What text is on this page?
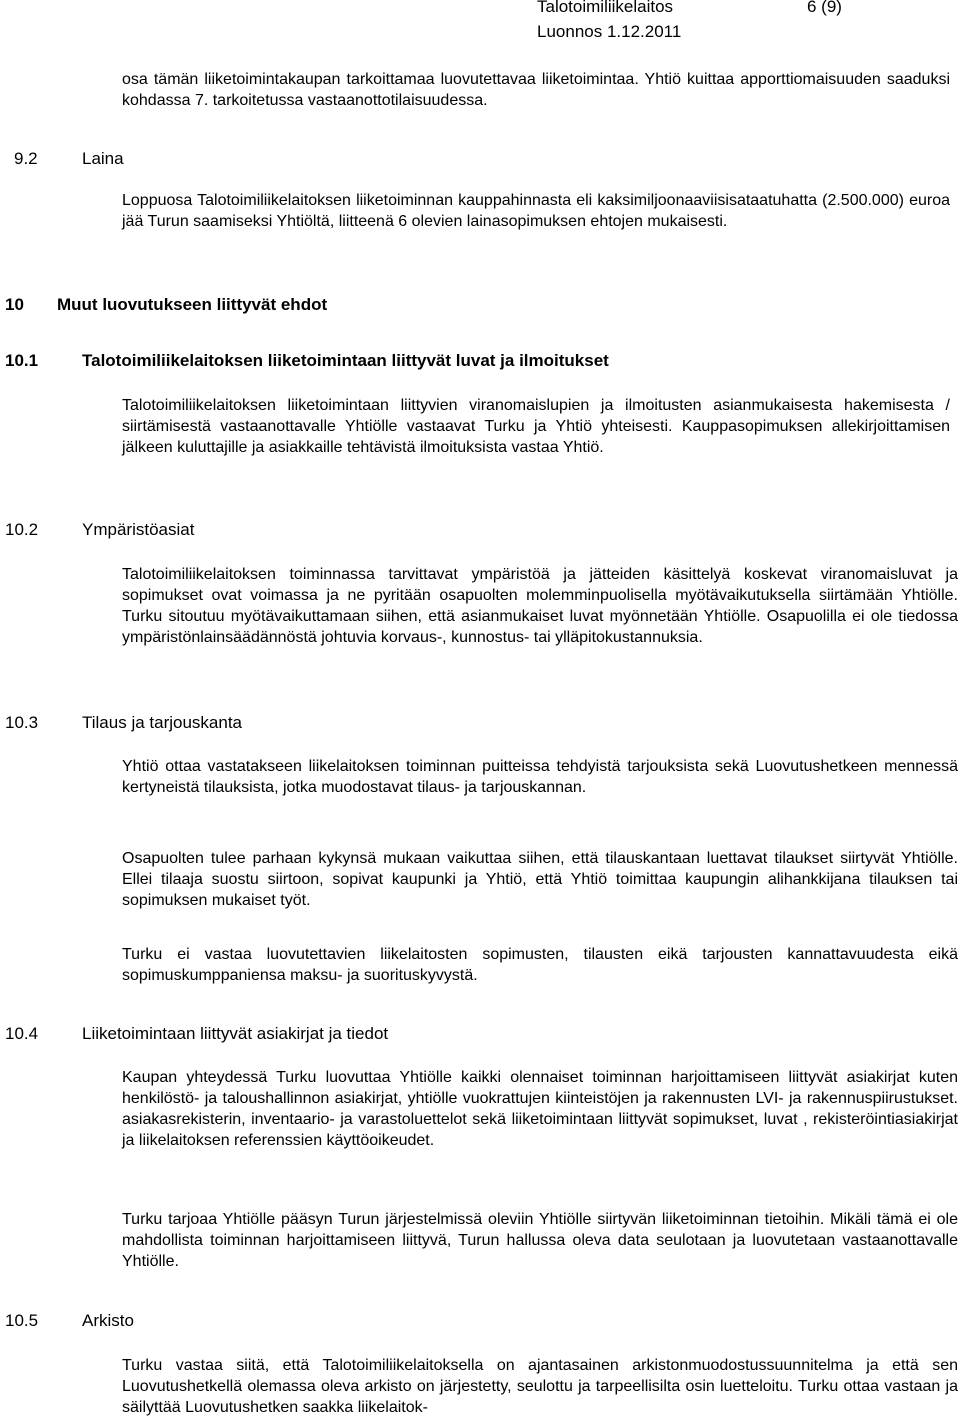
Talotoimiliikelaitos	6 (9)
Luonnos 1.12.2011

osa tämän liiketoimintakaupan tarkoittamaa luovutettavaa liiketoimintaa. Yhtiö kuittaa apporttiomaisuuden saaduksi kohdassa 7. tarkoitetussa vastaanottotilaisuudessa.

9.2	Laina

Loppuosa Talotoimiliikelaitoksen liiketoiminnan kauppahinnasta eli kaksimiljoonaaviisisataatuhatta (2.500.000) euroa jää Turun saamiseksi Yhtiöltä, liitteenä 6 olevien lainasopimuksen ehtojen mukaisesti.

10 Muut luovutukseen liittyvät ehdot
10.1	Talotoimiliikelaitoksen liiketoimintaan liittyvät luvat ja ilmoitukset

Talotoimiliikelaitoksen liiketoimintaan liittyvien viranomaislupien ja ilmoitusten asianmukaisesta hakemisesta / siirtämisestä vastaanottavalle Yhtiölle vastaavat Turku ja Yhtiö yhteisesti. Kauppasopimuksen allekirjoittamisen jälkeen kuluttajille ja asiakkaille tehtävistä ilmoituksista vastaa Yhtiö.

10.2	Ympäristöasiat

Talotoimiliikelaitoksen toiminnassa tarvittavat ympäristöä ja jätteiden käsittelyä koskevat viranomaisluvat ja sopimukset ovat voimassa ja ne pyritään osapuolten molemminpuolisella myötävaikutuksella siirtämään Yhtiölle. Turku sitoutuu myötävaikuttamaan siihen, että asianmukaiset luvat myönnetään Yhtiölle. Osapuolilla ei ole tiedossa ympäristönlainsäädännöstä johtuvia korvaus-, kunnostus- tai ylläpitokustannuksia.

10.3	Tilaus ja tarjouskanta

Yhtiö ottaa vastatakseen liikelaitoksen toiminnan puitteissa tehdyistä tarjouksista sekä Luovutushetkeen mennessä kertyneistä tilauksista, jotka muodostavat tilaus- ja tarjouskannan.

Osapuolten tulee parhaan kykynsä mukaan vaikuttaa siihen, että tilauskantaan luettavat tilaukset siirtyvät Yhtiölle. Ellei tilaaja suostu siirtoon, sopivat kaupunki ja Yhtiö, että Yhtiö toimittaa kaupungin alihankkijana tilauksen tai sopimuksen mukaiset työt.

Turku ei vastaa luovutettavien liikelaitosten sopimusten, tilausten eikä tarjousten kannattavuudesta eikä sopimuskumppaniensa maksu- ja suorituskyvystä.

10.4	Liiketoimintaan liittyvät asiakirjat ja tiedot

Kaupan yhteydessä Turku luovuttaa Yhtiölle kaikki olennaiset toiminnan harjoittamiseen liittyvät asiakirjat kuten henkilöstö- ja taloushallinnon asiakirjat, yhtiölle vuokrattujen kiinteistöjen ja rakennusten LVI- ja rakennuspiirustukset. asiakasrekisterin, inventaario- ja varastoluettelot sekä liiketoimintaan liittyvät sopimukset, luvat , rekisteröintiasiakirjat ja liikelaitoksen referenssien käyttöoikeudet.

Turku tarjoaa Yhtiölle pääsyn Turun järjestelmissä oleviin Yhtiölle siirtyvän liiketoiminnan tietoihin. Mikäli tämä ei ole mahdollista toiminnan harjoittamiseen liittyvä, Turun hallussa oleva data seulotaan ja luovutetaan vastaanottavalle Yhtiölle.

10.5	Arkisto

Turku vastaa siitä, että Talotoimiliikelaitoksella on ajantasainen arkistonmuodostussuunnitelma ja että sen Luovutushetkellä olemassa oleva arkisto on järjestetty, seulottu ja tarpeellisilta osin luetteloitu. Turku ottaa vastaan ja säilyttää Luovutushetken saakka liikelaitok-
